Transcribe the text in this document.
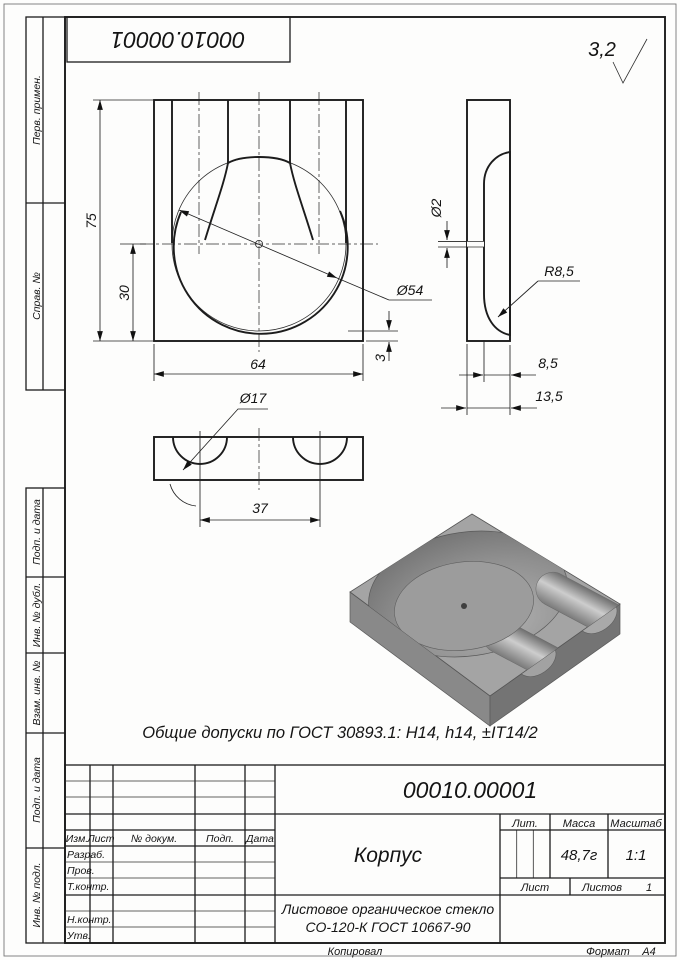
Перв. примен.
Справ. №
Подп. и дата
Инв. № дубл.
Взам. инв. №
Подп. и дата
Инв. № подл.
00010.00001	3,2
75
30
64	3
Ø54
Ø2
R8,5
8,5
13,5
37
Ø17
Общие допуски по ГОСТ 30893.1: H14, h14, ±IT14/2
00010.00001
Корпус
Листовое органическое стекло
СО-120-К ГОСТ 10667-90
Изм. Лист № докум.	Подп. Дата
Разраб.
Пров.
Т.контр.
Н.контр.
Утв.
Лит. Масса Масштаб
48,7г 1:1
Лист	Листов 1
Копировал	Формат А4
